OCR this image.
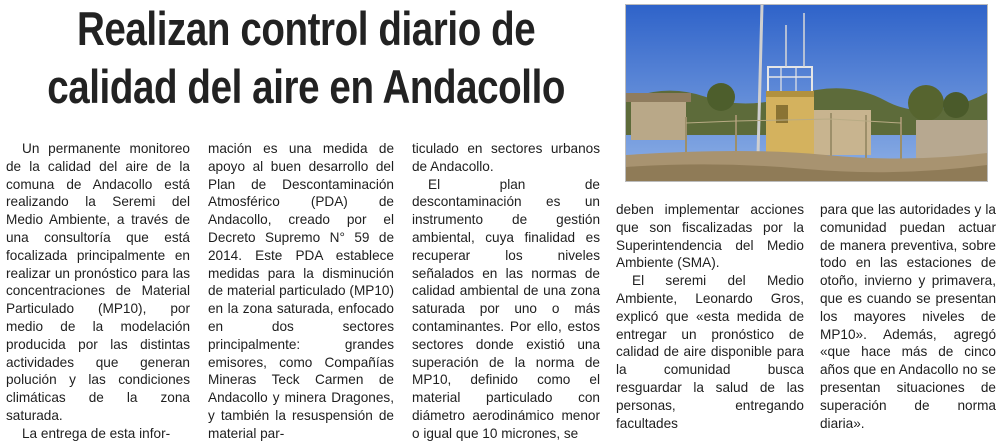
Realizan control diario de
calidad del aire en Andacollo

Un permanente monitoreo de la calidad del aire de la comuna de Andacollo está realizando la Seremi del Medio Ambiente, a través de una consultoría que está focalizada principalmente en realizar un pronóstico para las concentraciones de Material Particulado (MP10), por medio de la modelación producida por las distintas actividades que generan polución y las condiciones climáticas de la zona saturada.

La entrega de esta infor-

mación es una medida de apoyo al buen desarrollo del Plan de Descontaminación Atmosférico (PDA) de Andacollo, creado por el Decreto Supremo N° 59 de 2014. Este PDA establece medidas para la disminución de material particulado (MP10) en la zona saturada, enfocado en dos sectores principalmente: grandes emisores, como Compañías Mineras Teck Carmen de Andacollo y minera Dragones, y también la resuspensión de material par-

ticulado en sectores urbanos de Andacollo.

El plan de descontaminación es un instrumento de gestión ambiental, cuya finalidad es recuperar los niveles señalados en las normas de calidad ambiental de una zona saturada por uno o más contaminantes. Por ello, estos sectores donde existió una superación de la norma de MP10, definido como el material particulado con diámetro aerodinámico menor o igual que 10 micrones, se

deben implementar acciones que son fiscalizadas por la Superintendencia del Medio Ambiente (SMA).

El seremi del Medio Ambiente, Leonardo Gros, explicó que «esta medida de entregar un pronóstico de calidad de aire disponible para la comunidad busca resguardar la salud de las personas, entregando facultades

para que las autoridades y la comunidad puedan actuar de manera preventiva, sobre todo en las estaciones de otoño, invierno y primavera, que es cuando se presentan los mayores niveles de MP10». Además, agregó «que hace más de cinco años que en Andacollo no se presentan situaciones de superación de norma diaria».
